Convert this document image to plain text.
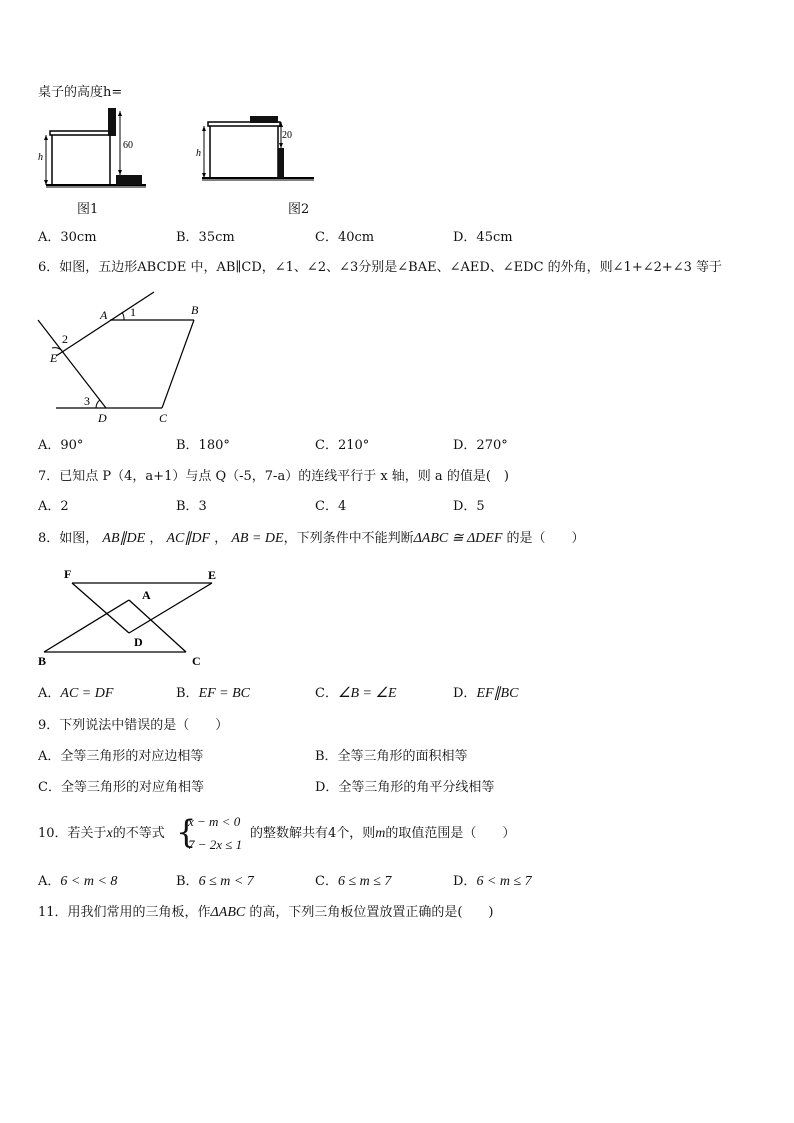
桌子的高度h=
h
60
图1
h
20
图2
A．30cm	B．35cm	C．40cm	D．45cm
6．如图，五边形ABCDE 中，AB∥CD，∠1、∠2、∠3分别是∠BAE、∠AED、∠EDC 的外角，则∠1+∠2+∠3 等于
A 1	B
2
E
3
D	C
A．90°	B．180°	C．210°	D．270°
7．已知点 P（4，a+1）与点 Q（-5，7-a）的连线平行于 x 轴，则 a 的值是(　)
A．2	B．3	C．4	D．5
8．如图， AB∥DE ， AC∥DF ， AB = DE，下列条件中不能判断ΔABC ≅ ΔDEF 的是（　　）
F	E
A
D
B	C
A．AC = DF	B．EF = BC	C．∠B = ∠E	D．EF∥BC
9．下列说法中错误的是（　　）
A．全等三角形的对应边相等	B．全等三角形的面积相等
C．全等三角形的对应角相等	D．全等三角形的角平分线相等
10．若关于x的不等式 {
x − m < 0
7 − 2x ≤ 1
的整数解共有4个，则m的取值范围是（　　）
A．6 < m < 8	B．6 ≤ m < 7	C．6 ≤ m ≤ 7	D．6 < m ≤ 7
11．用我们常用的三角板，作ΔABC 的高，下列三角板位置放置正确的是(　　)
